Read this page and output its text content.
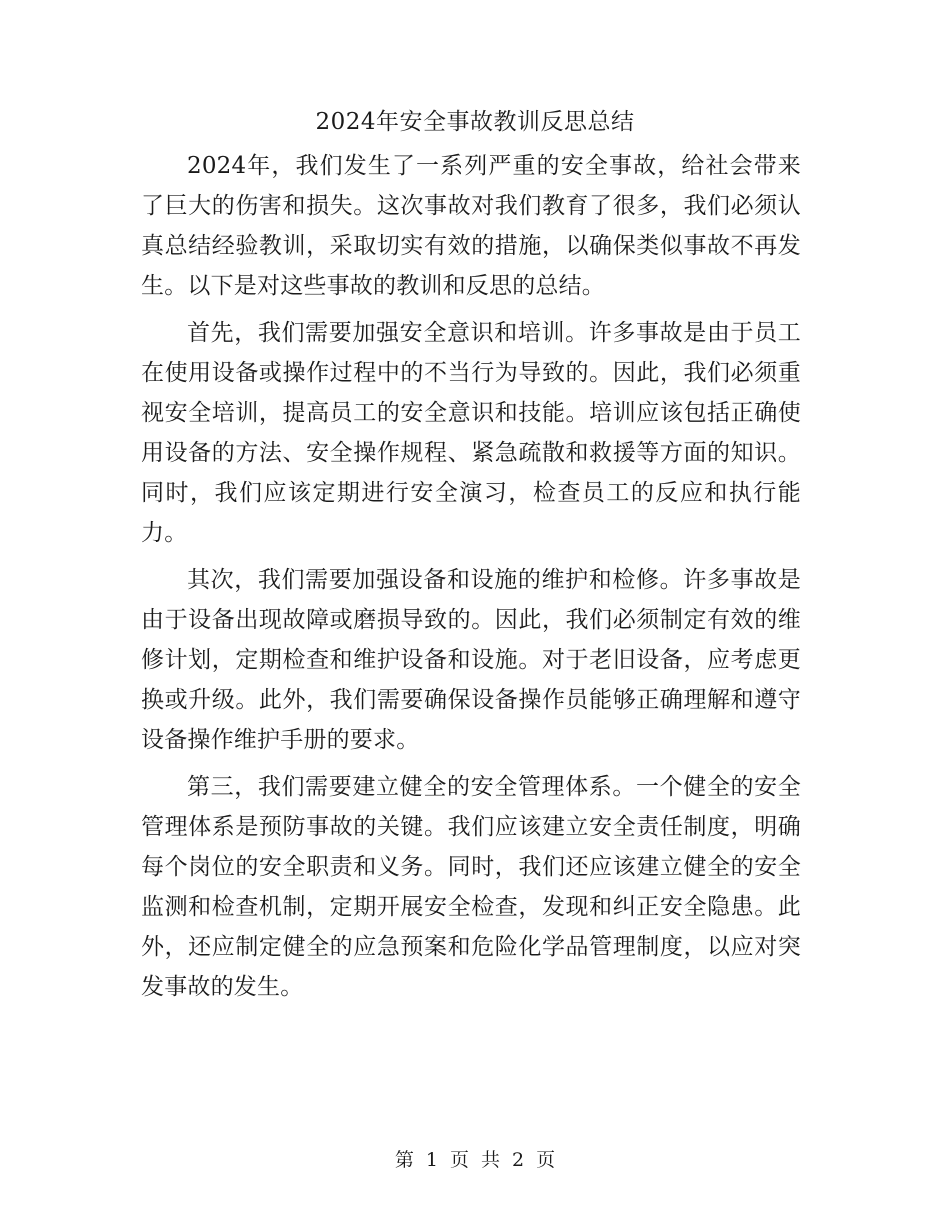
2024年安全事故教训反思总结

2024年，我们发生了一系列严重的安全事故，给社会带来了巨大的伤害和损失。这次事故对我们教育了很多，我们必须认真总结经验教训，采取切实有效的措施，以确保类似事故不再发生。以下是对这些事故的教训和反思的总结。

首先，我们需要加强安全意识和培训。许多事故是由于员工在使用设备或操作过程中的不当行为导致的。因此，我们必须重视安全培训，提高员工的安全意识和技能。培训应该包括正确使用设备的方法、安全操作规程、紧急疏散和救援等方面的知识。同时，我们应该定期进行安全演习，检查员工的反应和执行能力。

其次，我们需要加强设备和设施的维护和检修。许多事故是由于设备出现故障或磨损导致的。因此，我们必须制定有效的维修计划，定期检查和维护设备和设施。对于老旧设备，应考虑更换或升级。此外，我们需要确保设备操作员能够正确理解和遵守设备操作维护手册的要求。

第三，我们需要建立健全的安全管理体系。一个健全的安全管理体系是预防事故的关键。我们应该建立安全责任制度，明确每个岗位的安全职责和义务。同时，我们还应该建立健全的安全监测和检查机制，定期开展安全检查，发现和纠正安全隐患。此外，还应制定健全的应急预案和危险化学品管理制度，以应对突发事故的发生。

第 1 页 共 2 页
